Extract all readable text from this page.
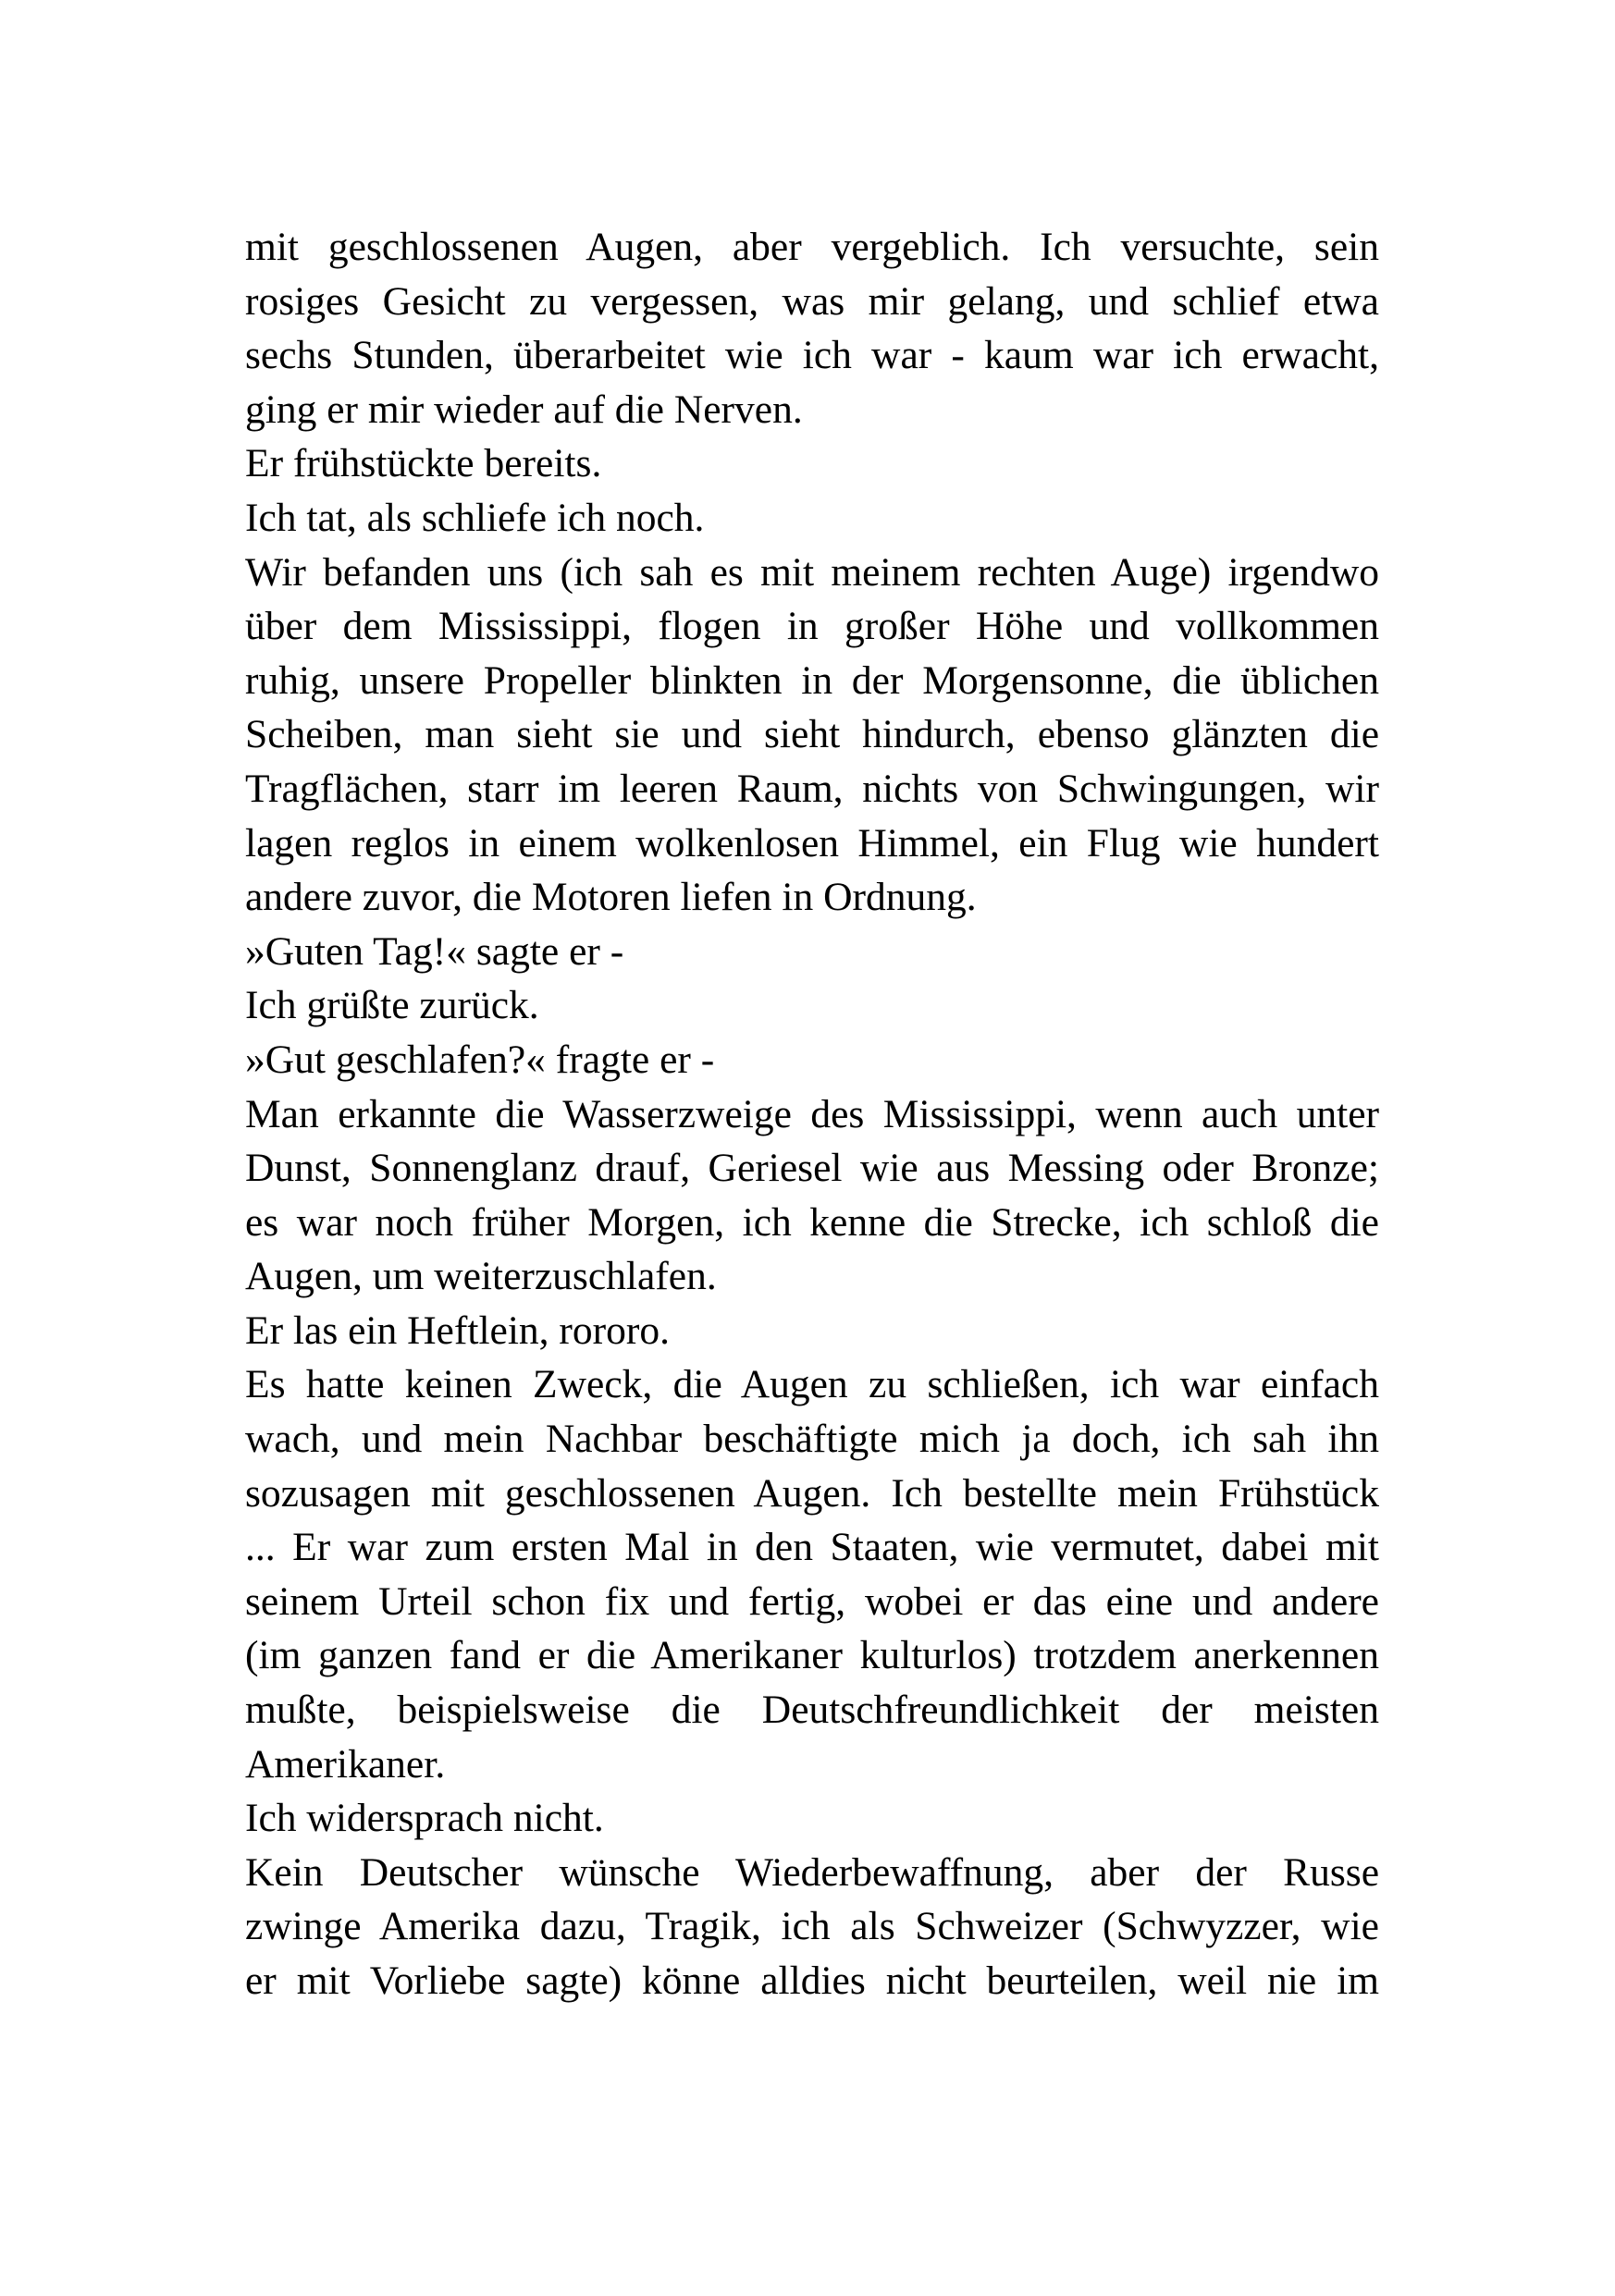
mit geschlossenen Augen, aber vergeblich. Ich versuchte, sein
rosiges Gesicht zu vergessen, was mir gelang, und schlief etwa
sechs Stunden, überarbeitet wie ich war - kaum war ich erwacht,
ging er mir wieder auf die Nerven.
Er frühstückte bereits.
Ich tat, als schliefe ich noch.
Wir befanden uns (ich sah es mit meinem rechten Auge) irgendwo
über dem Mississippi, flogen in großer Höhe und vollkommen
ruhig, unsere Propeller blinkten in der Morgensonne, die üblichen
Scheiben, man sieht sie und sieht hindurch, ebenso glänzten die
Tragflächen, starr im leeren Raum, nichts von Schwingungen, wir
lagen reglos in einem wolkenlosen Himmel, ein Flug wie hundert
andere zuvor, die Motoren liefen in Ordnung.
»Guten Tag!« sagte er -
Ich grüßte zurück.
»Gut geschlafen?« fragte er -
Man erkannte die Wasserzweige des Mississippi, wenn auch unter
Dunst, Sonnenglanz drauf, Geriesel wie aus Messing oder Bronze;
es war noch früher Morgen, ich kenne die Strecke, ich schloß die
Augen, um weiterzuschlafen.
Er las ein Heftlein, rororo.
Es hatte keinen Zweck, die Augen zu schließen, ich war einfach
wach, und mein Nachbar beschäftigte mich ja doch, ich sah ihn
sozusagen mit geschlossenen Augen. Ich bestellte mein Frühstück
... Er war zum ersten Mal in den Staaten, wie vermutet, dabei mit
seinem Urteil schon fix und fertig, wobei er das eine und andere
(im ganzen fand er die Amerikaner kulturlos) trotzdem anerkennen
mußte, beispielsweise die Deutschfreundlichkeit der meisten
Amerikaner.
Ich widersprach nicht.
Kein Deutscher wünsche Wiederbewaffnung, aber der Russe
zwinge Amerika dazu, Tragik, ich als Schweizer (Schwyzzer, wie
er mit Vorliebe sagte) könne alldies nicht beurteilen, weil nie im
